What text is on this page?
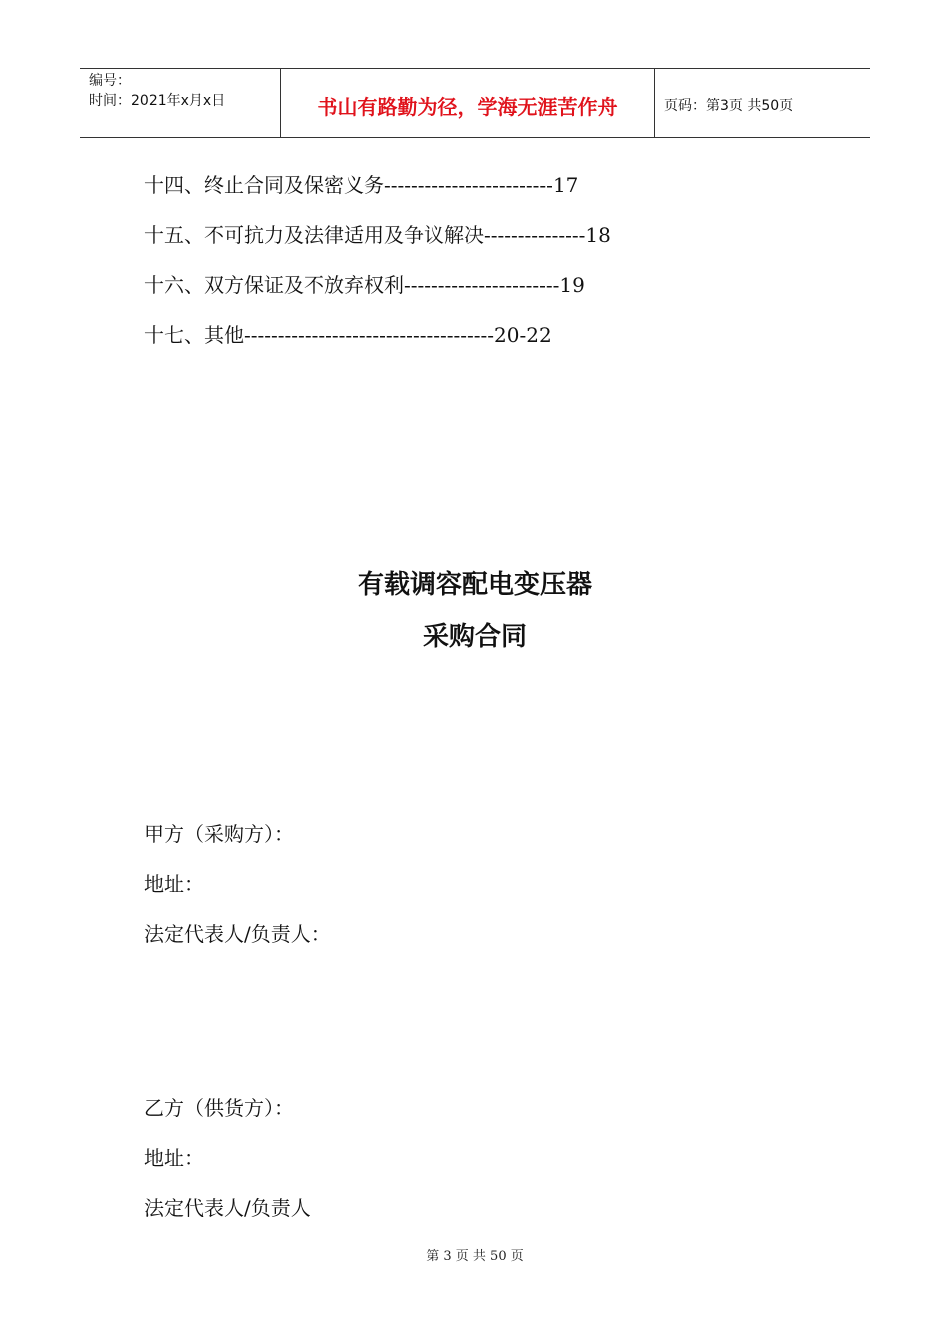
编号：
时间：2021年x月x日	书山有路勤为径，学海无涯苦作舟	页码：第3页 共50页
十四、终止合同及保密义务-------------------------17
十五、不可抗力及法律适用及争议解决---------------18
十六、双方保证及不放弃权利-----------------------19
十七、其他-------------------------------------20-22
有载调容配电变压器
采购合同
甲方（采购方）：
地址：
法定代表人/负责人：
乙方（供货方）：
地址：
法定代表人/负责人
第 3 页 共 50 页
